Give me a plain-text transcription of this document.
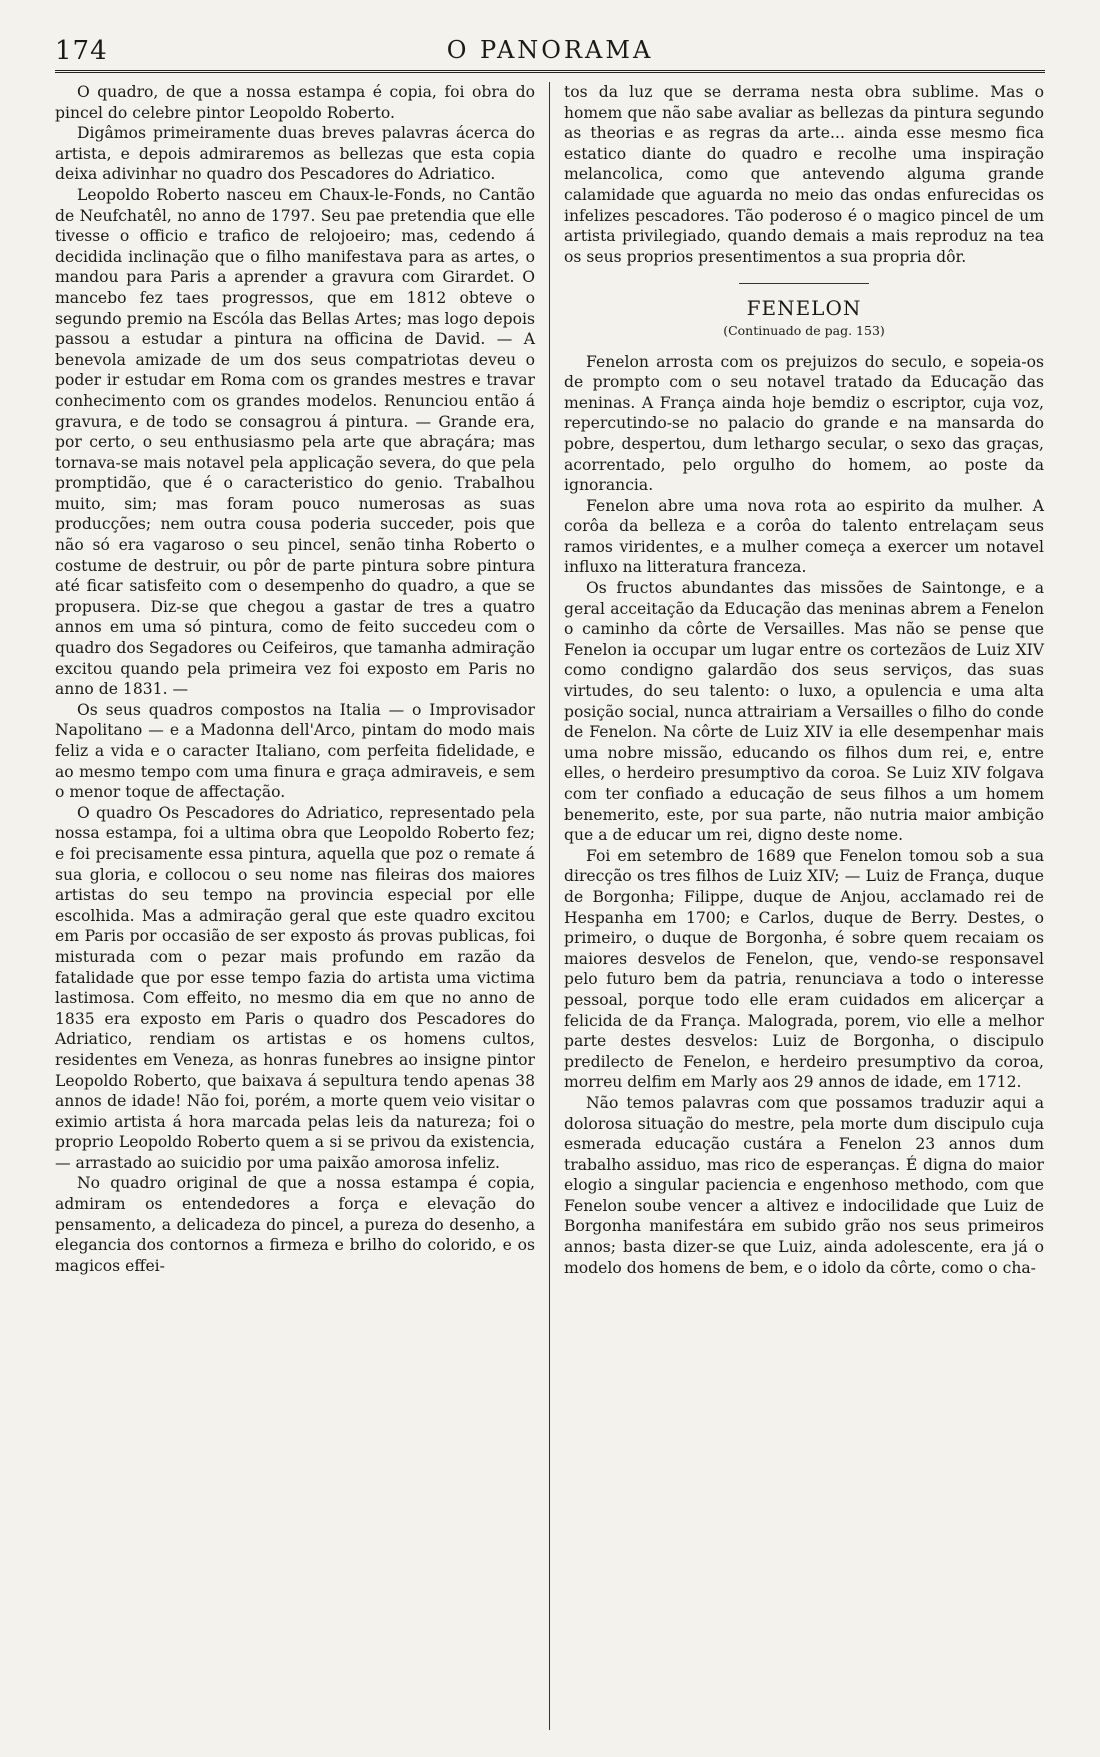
174	O PANORAMA

O quadro, de que a nossa estampa é copia, foi obra do pincel do celebre pintor Leopoldo Roberto.

Digâmos primeiramente duas breves palavras ácerca do artista, e depois admiraremos as bellezas que esta copia deixa adivinhar no quadro dos Pescadores do Adriatico.

Leopoldo Roberto nasceu em Chaux-le-Fonds, no Cantão de Neufchatêl, no anno de 1797. Seu pae pretendia que elle tivesse o officio e trafico de relojoeiro; mas, cedendo á decidida inclinação que o filho manifestava para as artes, o mandou para Paris a aprender a gravura com Girardet. O mancebo fez taes progressos, que em 1812 obteve o segundo premio na Escóla das Bellas Artes; mas logo depois passou a estudar a pintura na officina de David. — A benevola amizade de um dos seus compatriotas deveu o poder ir estudar em Roma com os grandes mestres e travar conhecimento com os grandes modelos. Renunciou então á gravura, e de todo se consagrou á pintura. — Grande era, por certo, o seu enthusiasmo pela arte que abraçára; mas tornava-se mais notavel pela applicação severa, do que pela promptidão, que é o caracteristico do genio. Trabalhou muito, sim; mas foram pouco numerosas as suas producções; nem outra cousa poderia succeder, pois que não só era vagaroso o seu pincel, senão tinha Roberto o costume de destruir, ou pôr de parte pintura sobre pintura até ficar satisfeito com o desempenho do quadro, a que se propusera. Diz-se que chegou a gastar de tres a quatro annos em uma só pintura, como de feito succedeu com o quadro dos Segadores ou Ceifeiros, que tamanha admiração excitou quando pela primeira vez foi exposto em Paris no anno de 1831. —

Os seus quadros compostos na Italia — o Improvisador Napolitano — e a Madonna dell'Arco, pintam do modo mais feliz a vida e o caracter Italiano, com perfeita fidelidade, e ao mesmo tempo com uma finura e graça admiraveis, e sem o menor toque de affectação.

O quadro Os Pescadores do Adriatico, representado pela nossa estampa, foi a ultima obra que Leopoldo Roberto fez; e foi precisamente essa pintura, aquella que poz o remate á sua gloria, e collocou o seu nome nas fileiras dos maiores artistas do seu tempo na provincia especial por elle escolhida. Mas a admiração geral que este quadro excitou em Paris por occasião de ser exposto ás provas publicas, foi misturada com o pezar mais profundo em razão da fatalidade que por esse tempo fazia do artista uma victima lastimosa. Com effeito, no mesmo dia em que no anno de 1835 era exposto em Paris o quadro dos Pescadores do Adriatico, rendiam os artistas e os homens cultos, residentes em Veneza, as honras funebres ao insigne pintor Leopoldo Roberto, que baixava á sepultura tendo apenas 38 annos de idade! Não foi, porém, a morte quem veio visitar o eximio artista á hora marcada pelas leis da natureza; foi o proprio Leopoldo Roberto quem a si se privou da existencia, — arrastado ao suicidio por uma paixão amorosa infeliz.

No quadro original de que a nossa estampa é copia, admiram os entendedores a força e elevação do pensamento, a delicadeza do pincel, a pureza do desenho, a elegancia dos contornos a firmeza e brilho do colorido, e os magicos effei-

tos da luz que se derrama nesta obra sublime. Mas o homem que não sabe avaliar as bellezas da pintura segundo as theorias e as regras da arte... ainda esse mesmo fica estatico diante do quadro e recolhe uma inspiração melancolica, como que antevendo alguma grande calamidade que aguarda no meio das ondas enfurecidas os infelizes pescadores. Tão poderoso é o magico pincel de um artista privilegiado, quando demais a mais reproduz na tea os seus proprios presentimentos a sua propria dôr.

FENELON
(Continuado de pag. 153)

Fenelon arrosta com os prejuizos do seculo, e sopeia-os de prompto com o seu notavel tratado da Educação das meninas. A França ainda hoje bemdiz o escriptor, cuja voz, repercutindo-se no palacio do grande e na mansarda do pobre, despertou, dum lethargo secular, o sexo das graças, acorrentado, pelo orgulho do homem, ao poste da ignorancia.

Fenelon abre uma nova rota ao espirito da mulher. A corôa da belleza e a corôa do talento entrelaçam seus ramos viridentes, e a mulher começa a exercer um notavel influxo na litteratura franceza.

Os fructos abundantes das missões de Saintonge, e a geral acceitação da Educação das meninas abrem a Fenelon o caminho da côrte de Versailles. Mas não se pense que Fenelon ia occupar um lugar entre os cortezãos de Luiz XIV como condigno galardão dos seus serviços, das suas virtudes, do seu talento: o luxo, a opulencia e uma alta posição social, nunca attrairiam a Versailles o filho do conde de Fenelon. Na côrte de Luiz XIV ia elle desempenhar mais uma nobre missão, educando os filhos dum rei, e, entre elles, o herdeiro presumptivo da coroa. Se Luiz XIV folgava com ter confiado a educação de seus filhos a um homem benemerito, este, por sua parte, não nutria maior ambição que a de educar um rei, digno deste nome.

Foi em setembro de 1689 que Fenelon tomou sob a sua direcção os tres filhos de Luiz XIV; — Luiz de França, duque de Borgonha; Filippe, duque de Anjou, acclamado rei de Hespanha em 1700; e Carlos, duque de Berry. Destes, o primeiro, o duque de Borgonha, é sobre quem recaiam os maiores desvelos de Fenelon, que, vendo-se responsavel pelo futuro bem da patria, renunciava a todo o interesse pessoal, porque todo elle eram cuidados em alicerçar a felicida de da França. Malograda, porem, vio elle a melhor parte destes desvelos: Luiz de Borgonha, o discipulo predilecto de Fenelon, e herdeiro presumptivo da coroa, morreu delfim em Marly aos 29 annos de idade, em 1712.

Não temos palavras com que possamos traduzir aqui a dolorosa situação do mestre, pela morte dum discipulo cuja esmerada educação custára a Fenelon 23 annos dum trabalho assiduo, mas rico de esperanças. É digna do maior elogio a singular paciencia e engenhoso methodo, com que Fenelon soube vencer a altivez e indocilidade que Luiz de Borgonha manifestára em subido grão nos seus primeiros annos; basta dizer-se que Luiz, ainda adolescente, era já o modelo dos homens de bem, e o idolo da côrte, como o cha-
